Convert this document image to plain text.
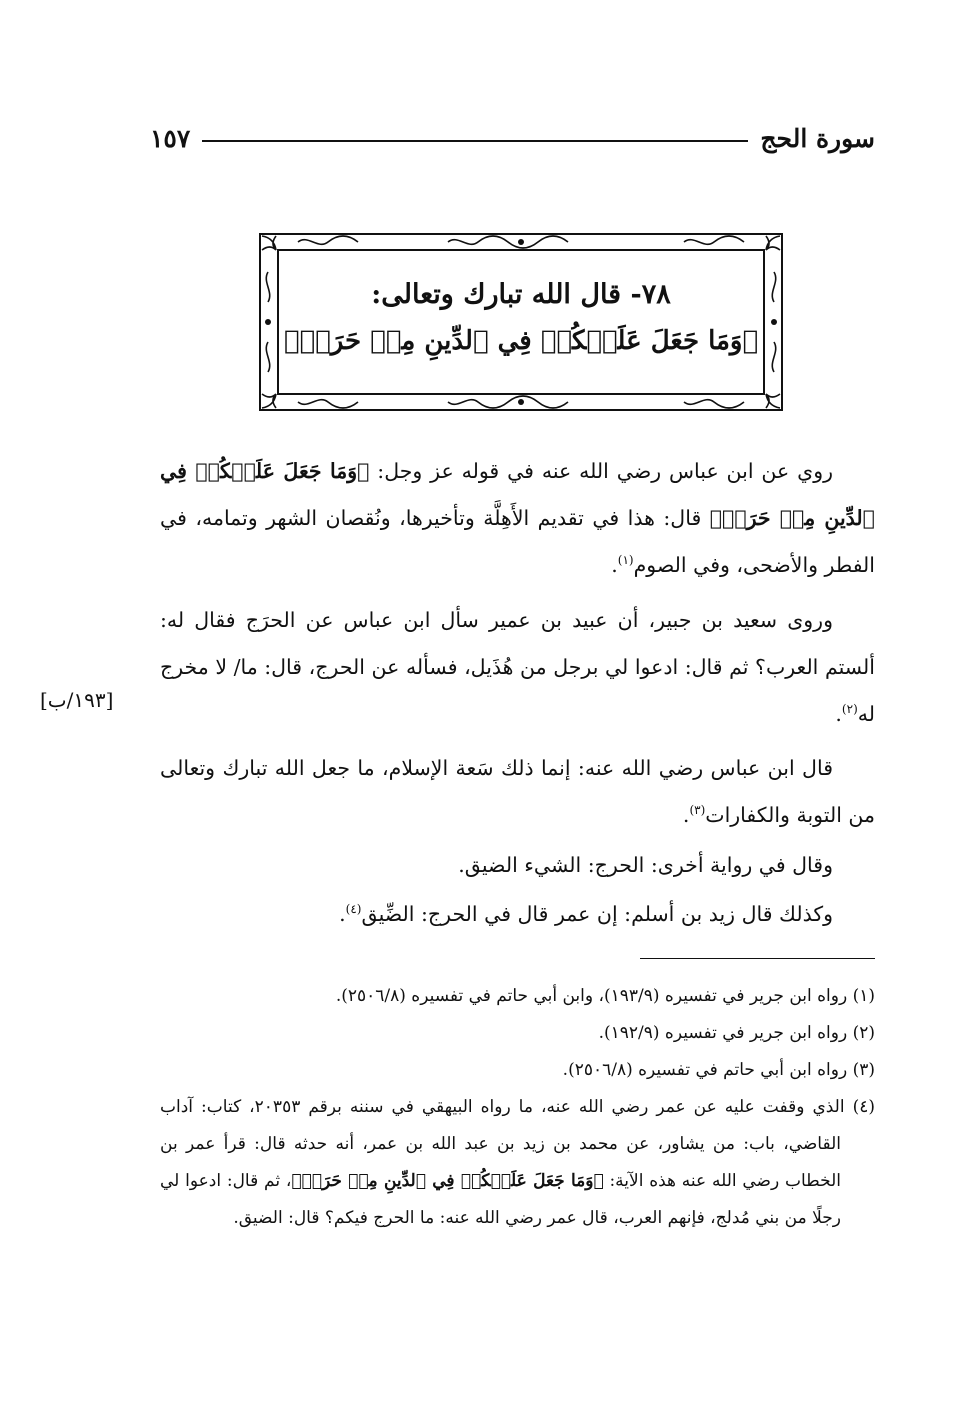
سورة الحج
١٥٧
٧٨- قال الله تبارك وتعالى:
﴿وَمَا جَعَلَ عَلَيۡكُمۡ فِي ٱلدِّينِ مِنۡ حَرَجٖ﴾

روي عن ابن عباس رضي الله عنه في قوله عز وجل: ﴿وَمَا جَعَلَ عَلَيۡكُمۡ فِي ٱلدِّينِ مِنۡ حَرَجٖ﴾ قال: هذا في تقديم الأَهِلَّة وتأخيرها، ونُقصان الشهر وتمامه، في الفطر والأضحى، وفي الصوم$^{(١)}$.

وروى سعيد بن جبير، أن عبيد بن عمير سأل ابن عباس عن الحرَج فقال له: ألستم العرب؟ ثم قال: ادعوا لي برجل من هُذَيل، فسأله عن الحرج، قال: ما/ لا مخرج له$^{(٢)}$.

[١٩٣/ب]

قال ابن عباس رضي الله عنه: إنما ذلك سَعة الإسلام، ما جعل الله تبارك وتعالى من التوبة والكفارات$^{(٣)}$.

وقال في رواية أخرى: الحرج: الشيء الضيق.

وكذلك قال زيد بن أسلم: إن عمر قال في الحرج: الضِّيق$^{(٤)}$.

(١) رواه ابن جرير في تفسيره (١٩٣/٩)، وابن أبي حاتم في تفسيره (٢٥٠٦/٨).

(٢) رواه ابن جرير في تفسيره (١٩٢/٩).

(٣) رواه ابن أبي حاتم في تفسيره (٢٥٠٦/٨).

(٤) الذي وقفت عليه عن عمر رضي الله عنه، ما رواه البيهقي في سننه برقم ٢٠٣٥٣، كتاب: آداب القاضي، باب: من يشاور، عن محمد بن زيد بن عبد الله بن عمر، أنه حدثه قال: قرأ عمر بن الخطاب رضي الله عنه هذه الآية: ﴿وَمَا جَعَلَ عَلَيۡكُمۡ فِي ٱلدِّينِ مِنۡ حَرَجٖ﴾، ثم قال: ادعوا لي رجلًا من بني مُدلج، فإنهم العرب، قال عمر رضي الله عنه: ما الحرج فيكم؟ قال: الضيق.
